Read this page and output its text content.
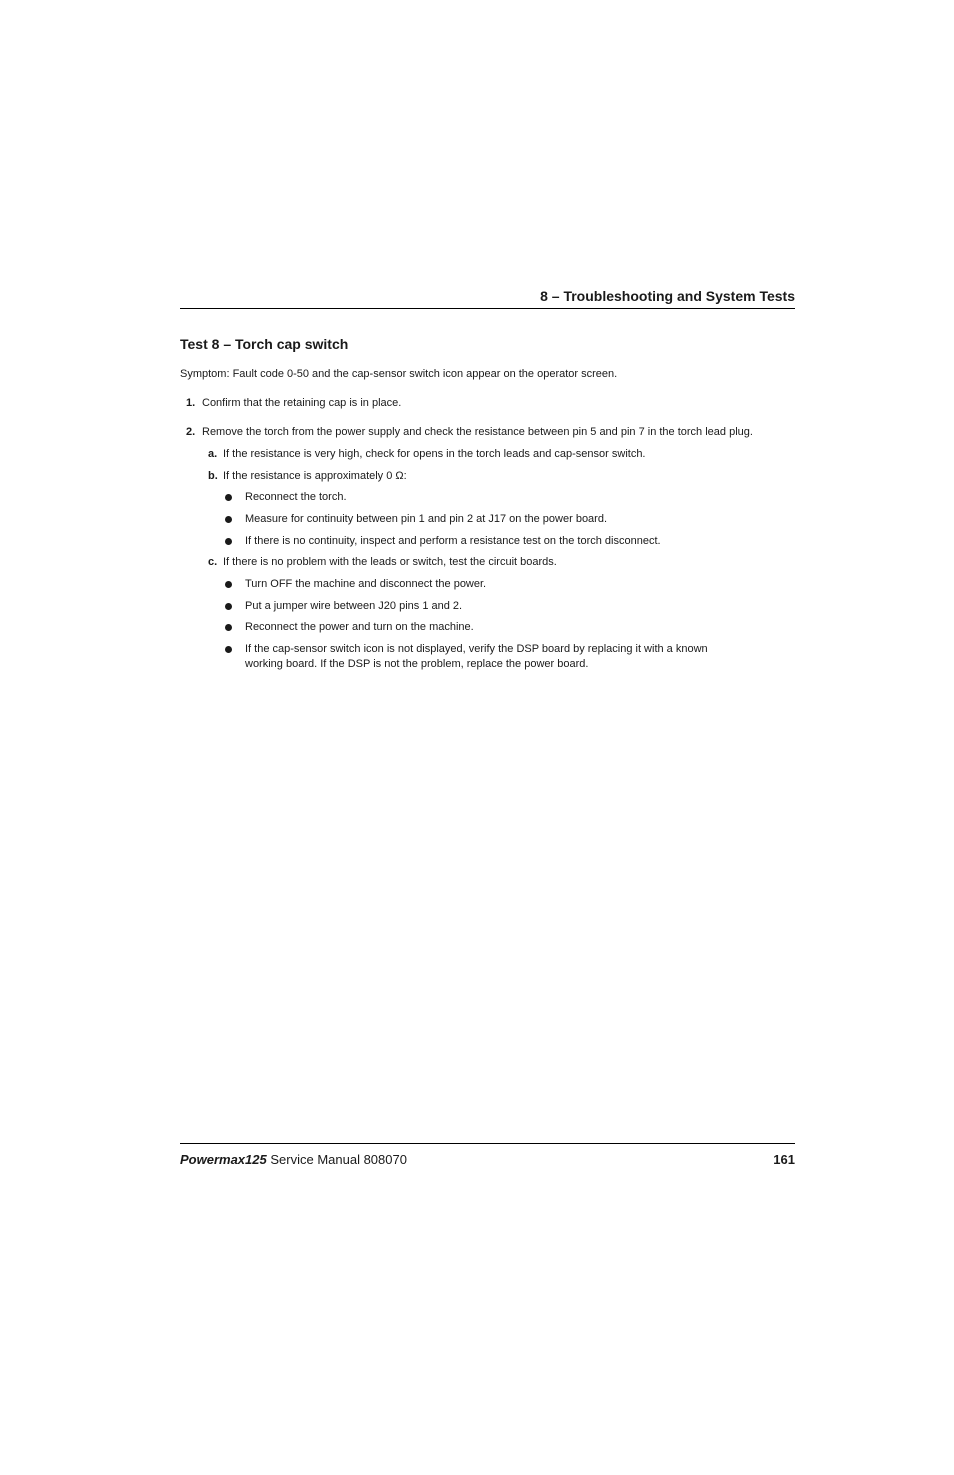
8 – Troubleshooting and System Tests
Test 8 – Torch cap switch
Symptom: Fault code 0-50 and the cap-sensor switch icon appear on the operator screen.
1. Confirm that the retaining cap is in place.
2. Remove the torch from the power supply and check the resistance between pin 5 and pin 7 in the torch lead plug.
a. If the resistance is very high, check for opens in the torch leads and cap-sensor switch.
b. If the resistance is approximately 0 Ω:
Reconnect the torch.
Measure for continuity between pin 1 and pin 2 at J17 on the power board.
If there is no continuity, inspect and perform a resistance test on the torch disconnect.
c. If there is no problem with the leads or switch, test the circuit boards.
Turn OFF the machine and disconnect the power.
Put a jumper wire between J20 pins 1 and 2.
Reconnect the power and turn on the machine.
If the cap-sensor switch icon is not displayed, verify the DSP board by replacing it with a known
working board. If the DSP is not the problem, replace the power board.
Powermax125 Service Manual 808070	161
